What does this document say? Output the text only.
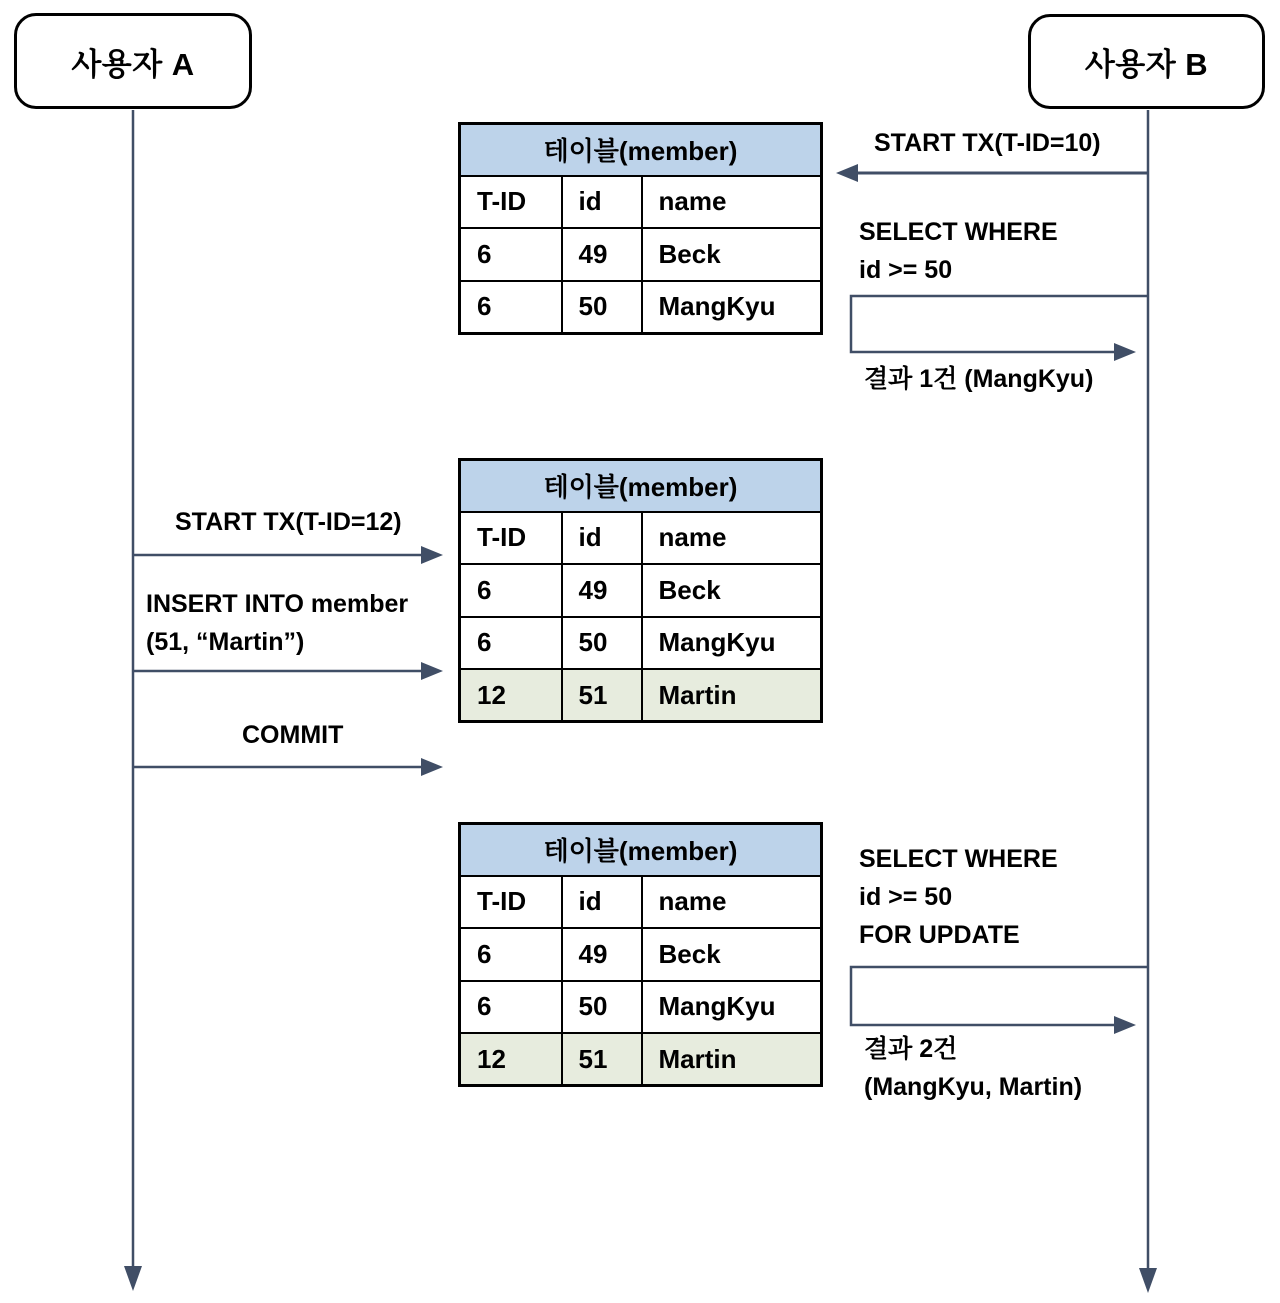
사용자 A	사용자 B
START TX(T-ID=10)
SELECT WHERE
id >= 50
결과 1건 (MangKyu)
START TX(T-ID=12)
INSERT INTO member
(51, “Martin”)
COMMIT
SELECT WHERE
id >= 50
FOR UPDATE
결과 2건
(MangKyu, Martin)
테이블(member)		
T-ID	id	name
6	49	Beck
6	50	MangKyu
테이블(member)		
T-ID	id	name
6	49	Beck
6	50	MangKyu
12	51	Martin
테이블(member)		
T-ID	id	name
6	49	Beck
6	50	MangKyu
12	51	Martin
